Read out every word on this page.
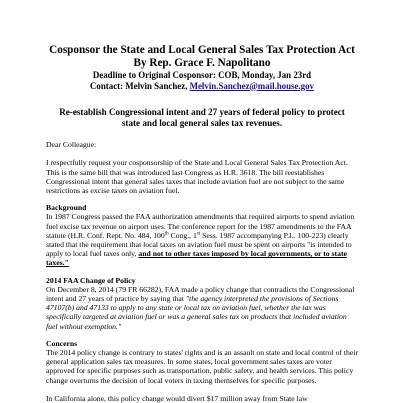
Cosponsor the State and Local General Sales Tax Protection Act
By Rep. Grace F. Napolitano
Deadline to Original Cosponsor: COB, Monday, Jan 23rd
Contact: Melvin Sanchez, Melvin.Sanchez@mail.house.gov
Re-establish Congressional intent and 27 years of federal policy to protect
state and local general sales tax revenues.
Dear Colleague:

I respectfully request your cosponsorship of the State and Local General Sales Tax Protection Act. This is the same bill that was introduced last Congress as H.R. 3618. The bill reestablishes Congressional intent that general sales taxes that include aviation fuel are not subject to the same restrictions as excise taxes on aviation fuel.

Background

In 1987 Congress passed the FAA authorization amendments that required airports to spend aviation fuel excise tax revenue on airport uses. The conference report for the 1987 amendments to the FAA statute (H.R. Conf. Rept. No. 484, 100th Cong., 1st Sess. 1987 accompanying P.L. 100-223) clearly stated that the requirement that local taxes on aviation fuel must be spent on airports "is intended to apply to local fuel taxes only, and not to other taxes imposed by local governments, or to state taxes."

2014 FAA Change of Policy

On December 8, 2014 (79 FR 66282), FAA made a policy change that contradicts the Congressional intent and 27 years of practice by saying that "the agency interpreted the provisions of Sections 47107(b) and 47133 to apply to any state or local tax on aviation fuel, whether the tax was specifically targeted at aviation fuel or was a general sales tax on products that included aviation fuel without exemption."

Concerns

The 2014 policy change is contrary to states' rights and is an assault on state and local control of their general application sales tax measures. In some states, local government sales taxes are voter approved for specific purposes such as transportation, public safety, and health services. This policy change overturns the decision of local voters in taxing themselves for specific purposes.

In California alone, this policy change would divert $17 million away from State law
